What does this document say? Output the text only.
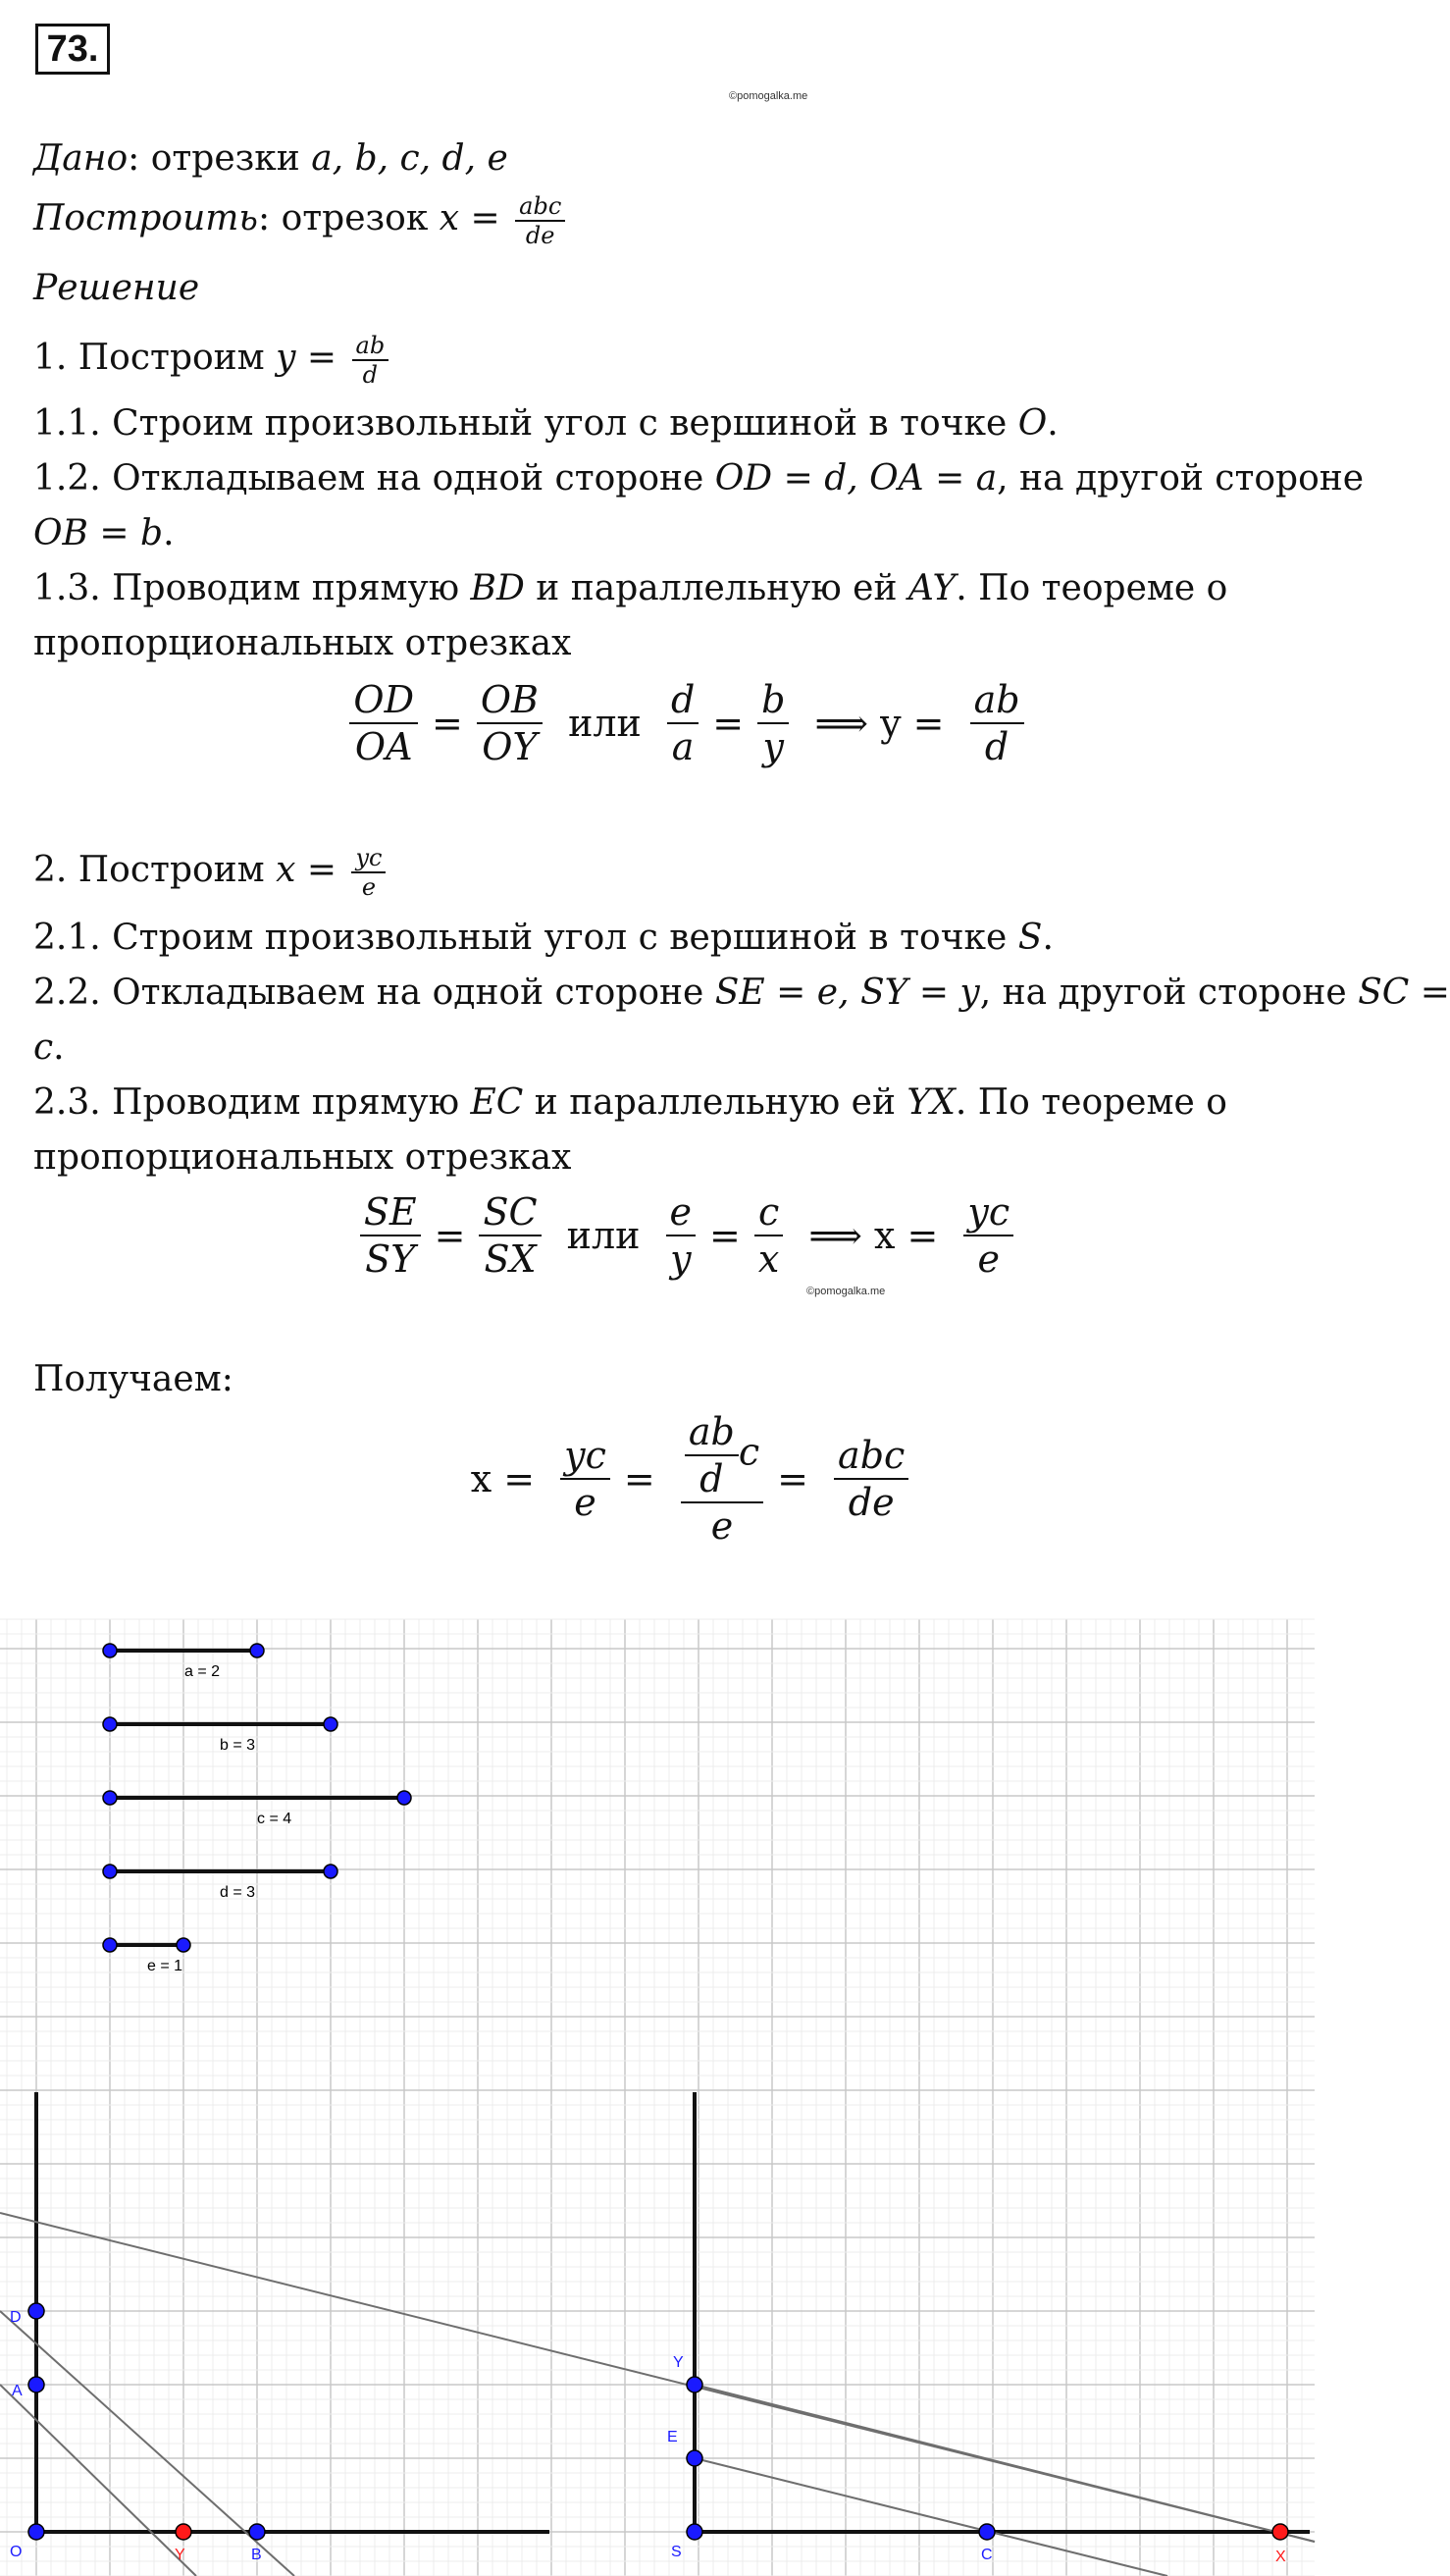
73.
©pomogalka.me
Дано: отрезки a, b, c, d, e
Построить: отрезок $x = \frac{\text{abc}}{de}$
Решение
1. Построим $y = \frac{ab}{d}$
1.1. Строим произвольный угол с вершиной в точке O.
1.2. Откладываем на одной стороне OD = d, OA = a, на другой стороне
OB = b.
1.3. Проводим прямую BD и параллельную ей AY. По теореме о
пропорциональных отрезках
$\frac{OD}{OA} = \frac{OB}{OY}$ или $\frac{d}{a} = \frac{b}{y}$ ⟹ $y = \frac{ab}{d}$
2. Построим $x = \frac{yc}{e}$
2.1. Строим произвольный угол с вершиной в точке S.
2.2. Откладываем на одной стороне SE = e, SY = y, на другой стороне SC =
c.
2.3. Проводим прямую EC и параллельную ей YX. По теореме о
пропорциональных отрезках
$\frac{SE}{SY} = \frac{SC}{SX}$ или $\frac{e}{y} = \frac{c}{x}$ ⟹ $x = \frac{yc}{e}$
©pomogalka.me
Получаем:
$x = \frac{yc}{e} = \frac{\frac{ab}{d} c}{e} = \frac{\text{abc}}{de}$
a = 2
b = 3
c = 4
d = 3
e = 1
O
D
A
Y	B	S
Y
E
C	X
